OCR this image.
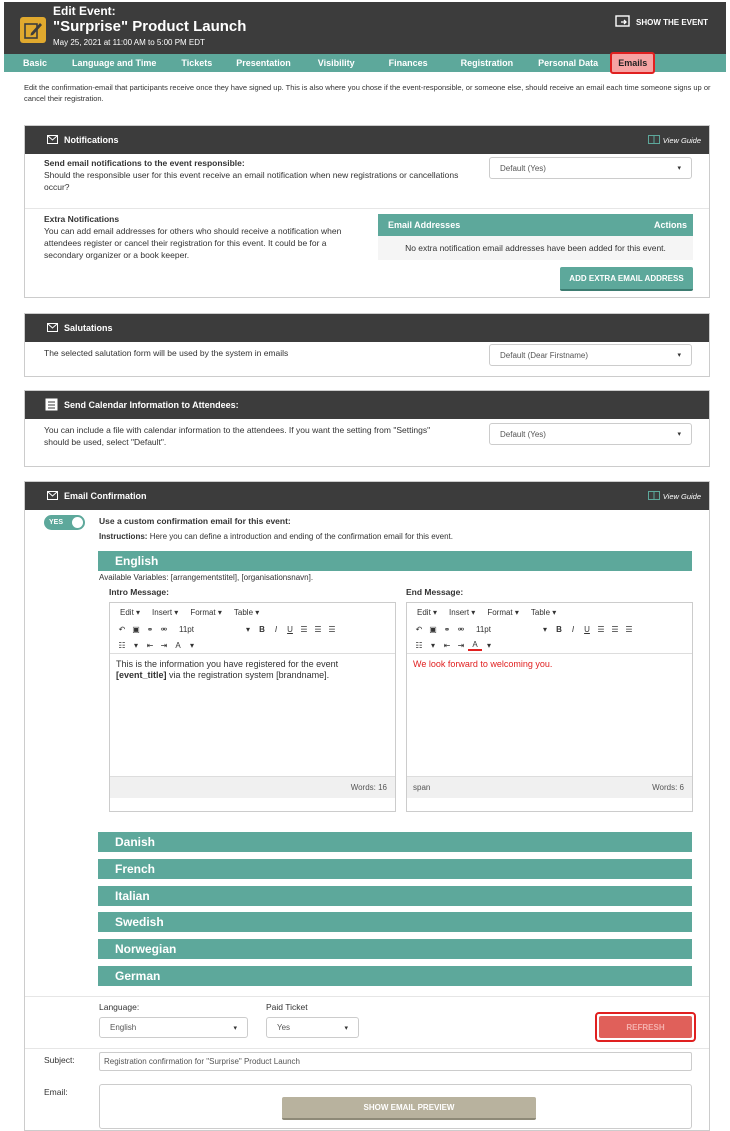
Edit Event:
"Surprise" Product Launch
May 25, 2021 at 11:00 AM to 5:00 PM EDT
SHOW THE EVENT
Basic	Language and Time	Tickets	Presentation	Visibility	Finances	Registration	Personal Data	Emails
Edit the confirmation-email that participants receive once they have signed up. This is also where you chose if the event-responsible, or someone else, should receive an email each time someone signs up or cancel their registration.
Notifications	View Guide
Send email notifications to the event responsible:
Should the responsible user for this event receive an email notification when new registrations or cancellations occur?
Default (Yes)	▾
Extra Notifications
You can add email addresses for others who should receive a notification when attendees register or cancel their registration for this event. It could be for a secondary organizer or a book keeper.
Email Addresses	Actions
No extra notification email addresses have been added for this event.
ADD EXTRA EMAIL ADDRESS
Salutations
The selected salutation form will be used by the system in emails	Default (Dear Firstname)	▾
Send Calendar Information to Attendees:
You can include a file with calendar information to the attendees. If you want the setting from "Settings" should be used, select "Default".
Default (Yes)	▾
Email Confirmation	View Guide
YES	Use a custom confirmation email for this event:
Instructions: Here you can define a introduction and ending of the confirmation email for this event.
English
Available Variables: [arrangementstitel], [organisationsnavn].
Intro Message:	End Message:
Edit ▾ Insert ▾ Format ▾ Table ▾
↶ ▣ ⚭ ⚮	11pt	▾	B	I	U ☰ ☰ ☰
☷	▾	⇤ ⇥ A	▾
This is the information you have registered for the event
[event_title] via the registration system [brandname].
Words: 16
Edit ▾ Insert ▾ Format ▾ Table ▾
↶ ▣ ⚭ ⚮	11pt	▾	B	I	U ☰ ☰ ☰
☷	▾	⇤ ⇥ A	▾
We look forward to welcoming you.
span	Words: 6
Danish
French
Italian
Swedish
Norwegian
German
Language:
English	▾
Paid Ticket
Yes	▾	REFRESH
Subject:	Registration confirmation for "Surprise" Product Launch
Email:
SHOW EMAIL PREVIEW
